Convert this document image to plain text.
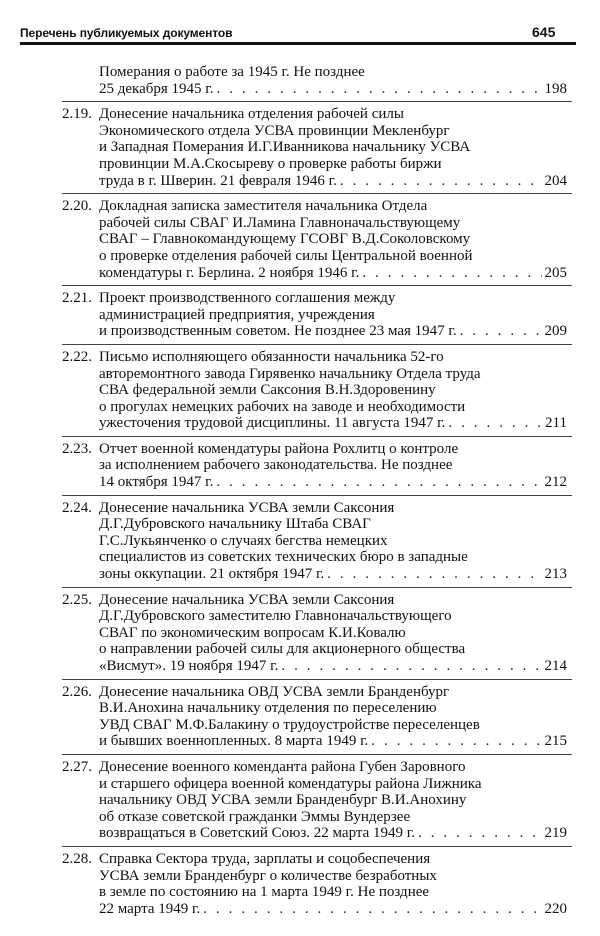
Перечень публикуемых документов	645
Померания о работе за 1945 г. Не позднее
25 декабря 1945 г. . . .	198
2.19. Донесение начальника отделения рабочей силы
Экономического отдела УСВА провинции Мекленбург
и Западная Померания И.Г.Иванникова начальнику УСВА
провинции М.А.Скосыреву о проверке работы биржи
труда в г. Шверин. 21 февраля 1946 г. . . .	204
2.20. Докладная записка заместителя начальника Отдела
рабочей силы СВАГ И.Ламина Главноначальствующему
СВАГ – Главнокомандующему ГСОВГ В.Д.Соколовскому
о проверке отделения рабочей силы Центральной военной
комендатуры г. Берлина. 2 ноября 1946 г. . . .	205
2.21. Проект производственного соглашения между
администрацией предприятия, учреждения
и производственным советом. Не позднее 23 мая 1947 г. . . .	209
2.22. Письмо исполняющего обязанности начальника 52-го
авторемонтного завода Гирявенко начальнику Отдела труда
СВА федеральной земли Саксония В.Н.Здоровенину
о прогулах немецких рабочих на заводе и необходимости
ужесточения трудовой дисциплины. 11 августа 1947 г. . . .	211
2.23. Отчет военной комендатуры района Рохлитц о контроле
за исполнением рабочего законодательства. Не позднее
14 октября 1947 г. . . .	212
2.24. Донесение начальника УСВА земли Саксония
Д.Г.Дубровского начальнику Штаба СВАГ
Г.С.Лукьянченко о случаях бегства немецких
специалистов из советских технических бюро в западные
зоны оккупации. 21 октября 1947 г. . . .	213
2.25. Донесение начальника УСВА земли Саксония
Д.Г.Дубровского заместителю Главноначальствующего
СВАГ по экономическим вопросам К.И.Ковалю
о направлении рабочей силы для акционерного общества
«Висмут». 19 ноября 1947 г. . . .	214
2.26. Донесение начальника ОВД УСВА земли Бранденбург
В.И.Анохина начальнику отделения по переселению
УВД СВАГ М.Ф.Балакину о трудоустройстве переселенцев
и бывших военнопленных. 8 марта 1949 г. . . .	215
2.27. Донесение военного коменданта района Губен Заровного
и старшего офицера военной комендатуры района Лижника
начальнику ОВД УСВА земли Бранденбург В.И.Анохину
об отказе советской гражданки Эммы Вундерзее
возвращаться в Советский Союз. 22 марта 1949 г. . . .	219
2.28. Справка Сектора труда, зарплаты и соцобеспечения
УСВА земли Бранденбург о количестве безработных
в земле по состоянию на 1 марта 1949 г. Не позднее
22 марта 1949 г. . . .	220
